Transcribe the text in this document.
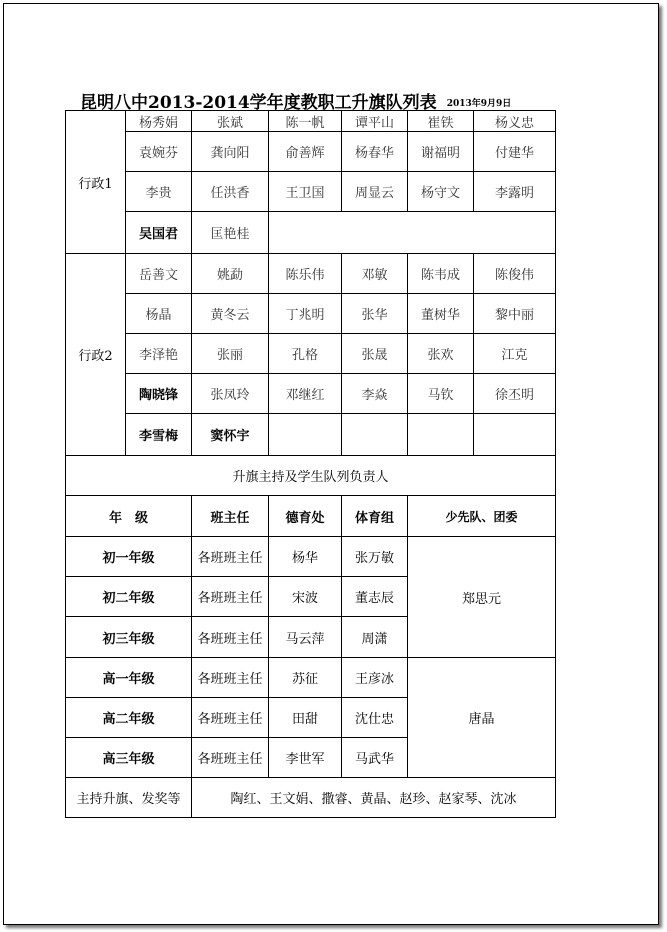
昆明八中2013-2014学年度教职工升旗队列表 2013年9月9日
行政1	杨秀娟	张斌	陈一帆	谭平山	崔铁	杨义忠
	袁婉芬	龚向阳	俞善辉	杨春华	谢福明	付建华
	李贵	任洪香	王卫国	周显云	杨守文	李露明
	吴国君	匡艳桂				
行政2	岳善文	姚勐	陈乐伟	邓敏	陈韦成	陈俊伟
	杨晶	黄冬云	丁兆明	张华	董树华	黎中丽
	李泽艳	张丽	孔格	张晟	张欢	江克
	陶晓锋	张凤玲	邓继红	李焱	马钦	徐丕明
	李雪梅	窦怀宇				
升旗主持及学生队列负责人						
年　级		班主任	德育处	体育组	少先队、团委	
初一年级		各班班主任	杨华	张万敏	郑思元	
初二年级		各班班主任	宋波	董志辰		
初三年级		各班班主任	马云萍	周潇		
高一年级		各班班主任	苏征	王彦冰	唐晶	
高二年级		各班班主任	田甜	沈仕忠		
高三年级		各班班主任	李世军	马武华		
主持升旗、发奖等		陶红、王文娟、撒睿、黄晶、赵珍、赵家琴、沈冰				
